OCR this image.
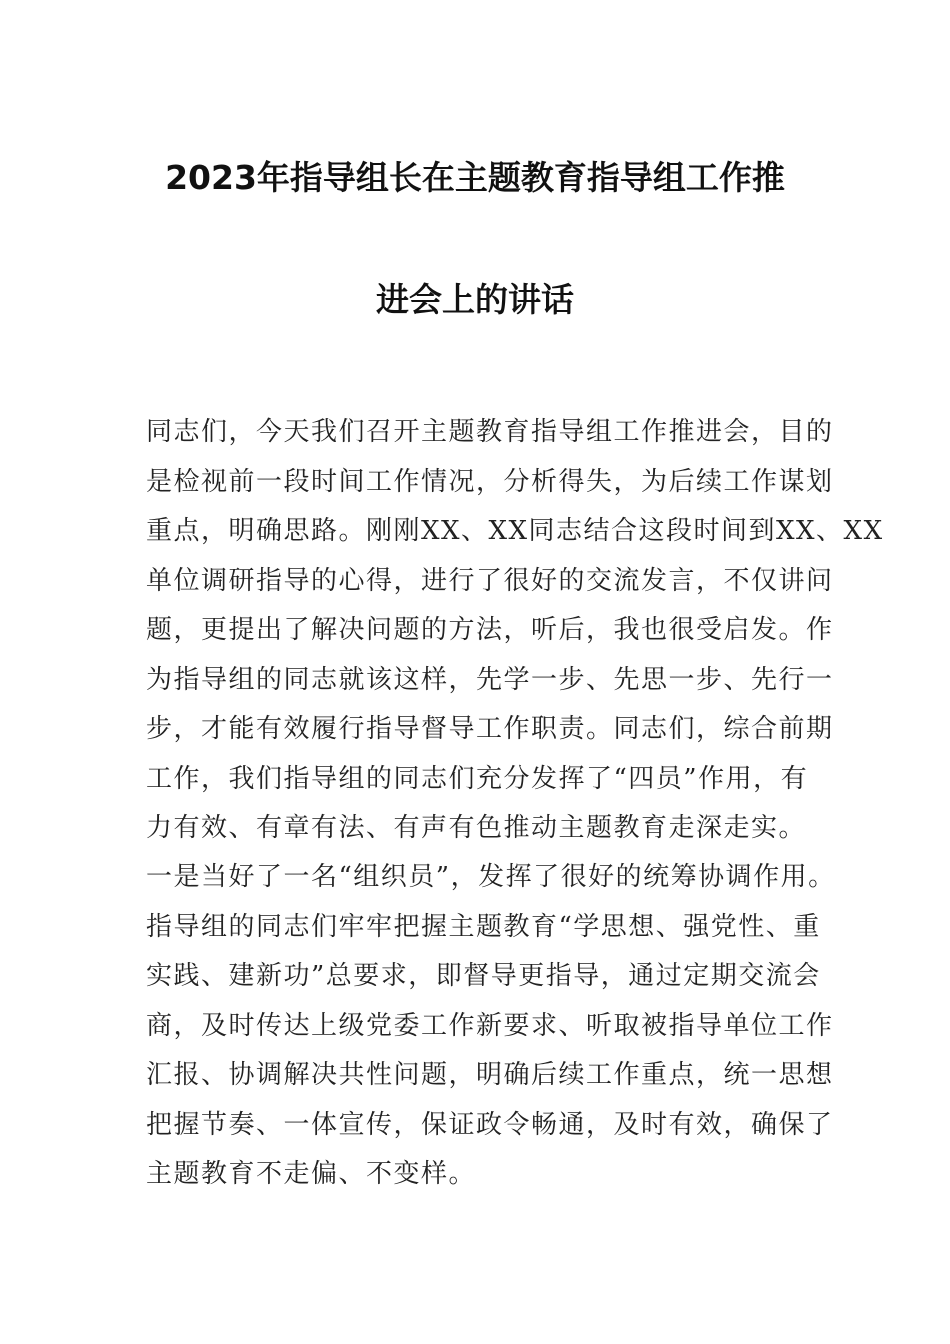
2023年指导组长在主题教育指导组工作推
进会上的讲话
同志们，今天我们召开主题教育指导组工作推进会，目的
是检视前一段时间工作情况，分析得失，为后续工作谋划
重点，明确思路。刚刚XX、XX同志结合这段时间到XX、XX
单位调研指导的心得，进行了很好的交流发言，不仅讲问
题，更提出了解决问题的方法，听后，我也很受启发。作
为指导组的同志就该这样，先学一步、先思一步、先行一
步，才能有效履行指导督导工作职责。同志们，综合前期
工作，我们指导组的同志们充分发挥了“四员”作用，有
力有效、有章有法、有声有色推动主题教育走深走实。
一是当好了一名“组织员”，发挥了很好的统筹协调作用。
指导组的同志们牢牢把握主题教育“学思想、强党性、重
实践、建新功”总要求，即督导更指导，通过定期交流会
商，及时传达上级党委工作新要求、听取被指导单位工作
汇报、协调解决共性问题，明确后续工作重点，统一思想
把握节奏、一体宣传，保证政令畅通，及时有效，确保了
主题教育不走偏、不变样。
